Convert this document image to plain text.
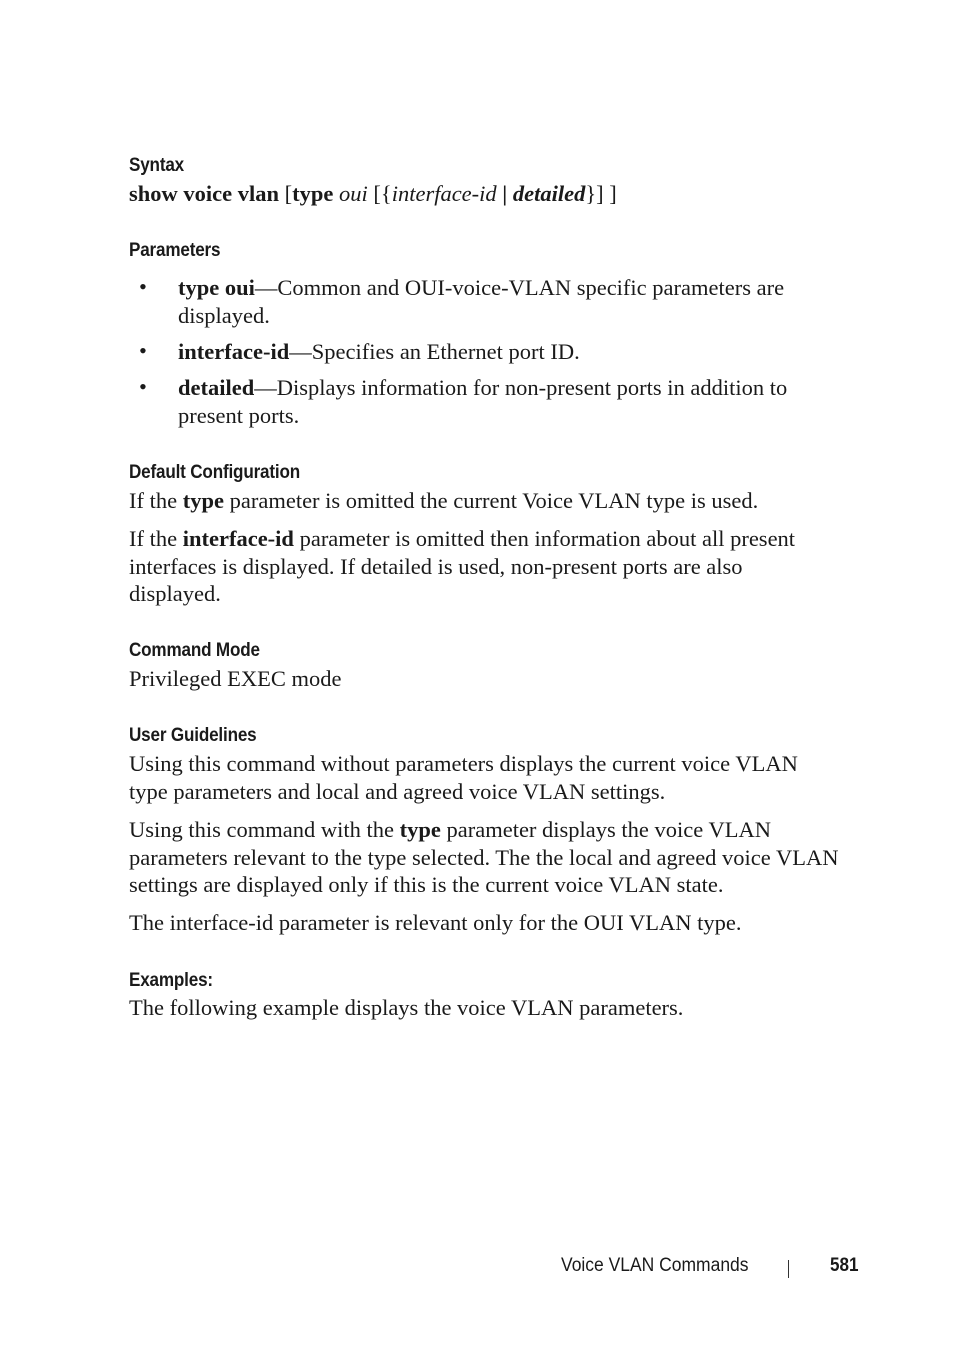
Syntax
show voice vlan [type oui [{interface-id | detailed}] ]
Parameters
• type oui—Common and OUI-voice-VLAN specific parameters are displayed.
• interface-id—Specifies an Ethernet port ID.
• detailed—Displays information for non-present ports in addition to present ports.
Default Configuration
If the type parameter is omitted the current Voice VLAN type is used.
If the interface-id parameter is omitted then information about all present interfaces is displayed. If detailed is used, non-present ports are also displayed.
Command Mode
Privileged EXEC mode
User Guidelines
Using this command without parameters displays the current voice VLAN type parameters and local and agreed voice VLAN settings.
Using this command with the type parameter displays the voice VLAN parameters relevant to the type selected. The the local and agreed voice VLAN settings are displayed only if this is the current voice VLAN state.
The interface-id parameter is relevant only for the OUI VLAN type.
Examples:
The following example displays the voice VLAN parameters.
Voice VLAN Commands	581
